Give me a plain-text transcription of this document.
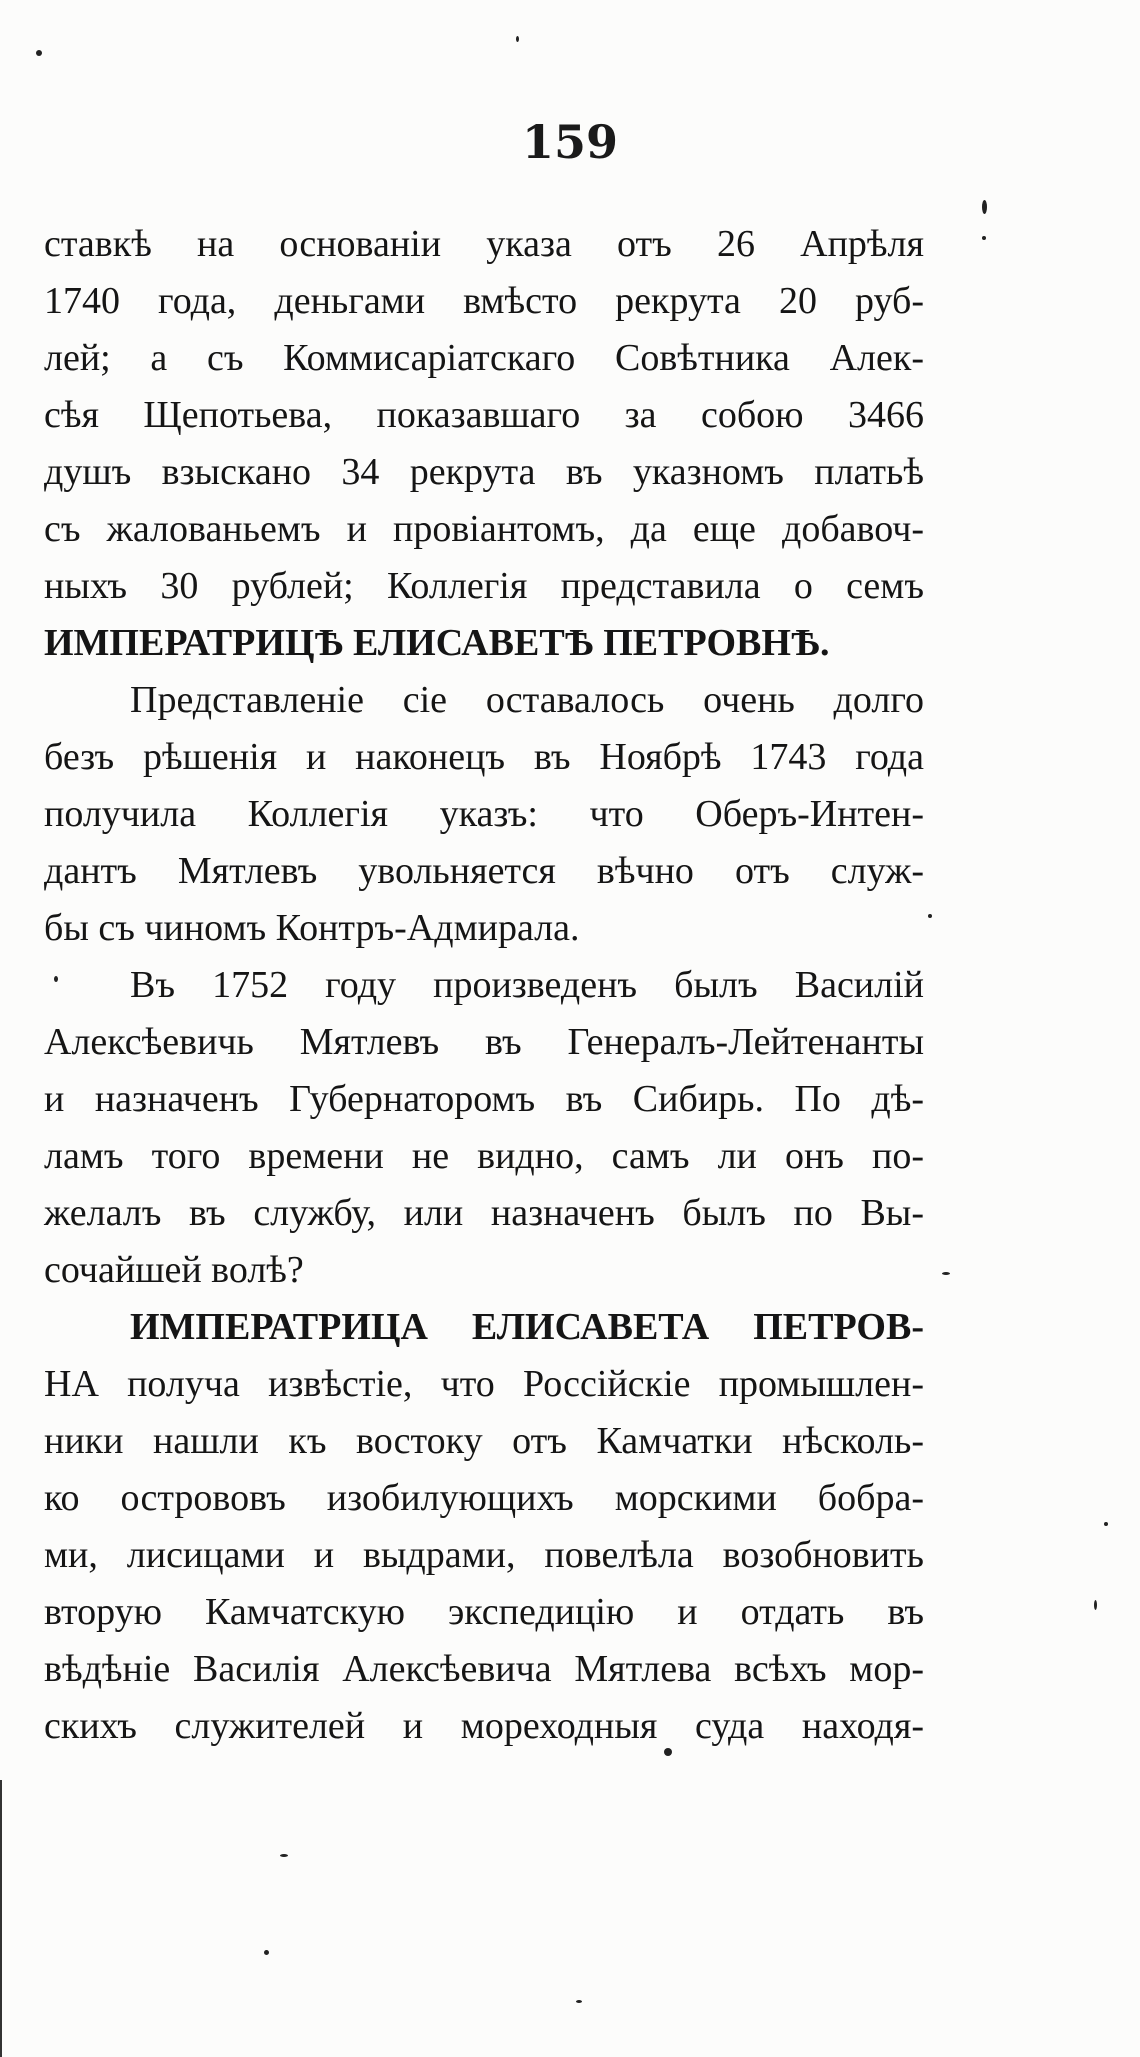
159
ставкѣ на основаніи указа отъ 26 Апрѣля
1740 года, деньгами вмѣсто рекрута 20 руб-
лей; а съ Коммисаріатскаго Совѣтника Алек-
сѣя Щепотьева, показавшаго за собою 3466
душъ взыскано 34 рекрута въ указномъ платьѣ
съ жалованьемъ и провіантомъ, да еще добавоч-
ныхъ 30 рублей; Коллегія представила о семъ
ИМПЕРАТРИЦѢ ЕЛИСАВЕТѢ ПЕТРОВНѢ.
Представленіе сіе оставалось очень долго
безъ рѣшенія и наконецъ въ Ноябрѣ 1743 года
получила Коллегія указъ: что Оберъ-Интен-
дантъ Мятлевъ увольняется вѣчно отъ служ-
бы съ чиномъ Контръ-Адмирала.
Въ 1752 году произведенъ былъ Василій
Алексѣевичь Мятлевъ въ Генералъ-Лейтенанты
и назначенъ Губернаторомъ въ Сибирь. По дѣ-
ламъ того времени не видно, самъ ли онъ по-
желалъ въ службу, или назначенъ былъ по Вы-
сочайшей волѣ?
ИМПЕРАТРИЦА ЕЛИСАВЕТА ПЕТРОВ-
НА получа извѣстіе, что Россійскіе промышлен-
ники нашли къ востоку отъ Камчатки нѣсколь-
ко острововъ изобилующихъ морскими бобра-
ми, лисицами и выдрами, повелѣла возобновить
вторую Камчатскую экспедицію и отдать въ
вѣдѣніе Василія Алексѣевича Мятлева всѣхъ мор-
скихъ служителей и мореходныя суда находя-
